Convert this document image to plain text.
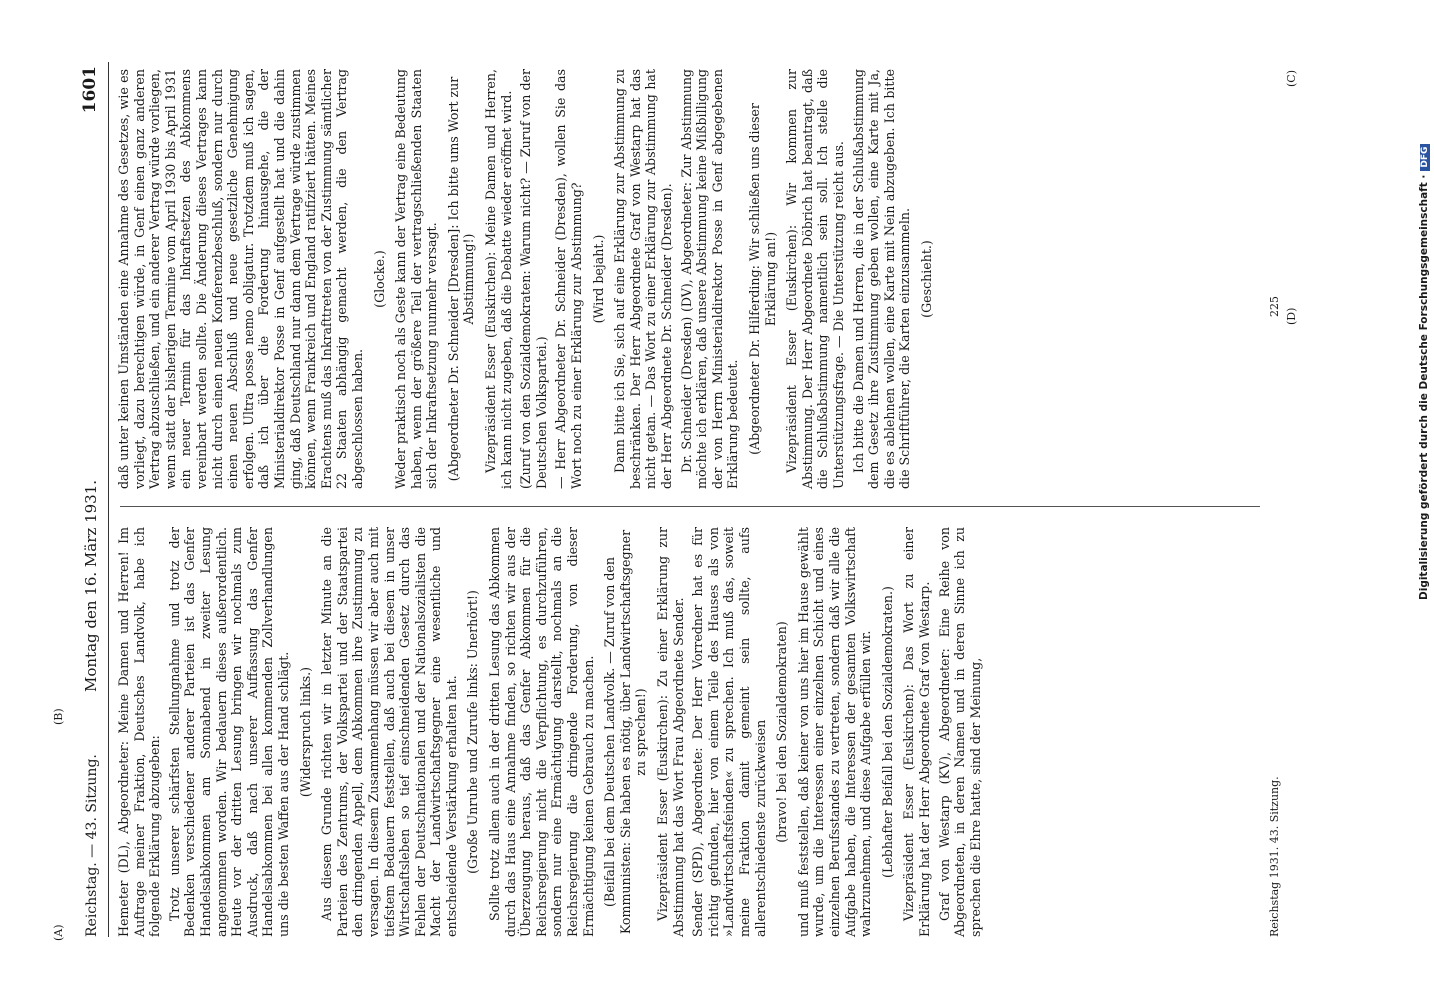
Reichstag. — 43. Sitzung.
Montag den 16. März 1931.
1601

Hemeter (DL), Abgeordneter: Meine Damen und Herren! Im Auftrage meiner Fraktion, Deutsches Landvolk, habe ich folgende Erklärung abzugeben: Trotz unserer schärfsten Stellungnahme und trotz der Bedenken verschiedener anderer Parteien ist das Genfer Handelsabkommen am Sonnabend in zweiter Lesung angenommen worden. Wir bedauern dieses außerordentlich. Heute vor der dritten Lesung bringen wir nochmals zum Ausdruck, daß nach unserer Auffassung das Genfer Handelsabkommen bei allen kommenden Zollverhandlungen uns die besten Waffen aus der Hand schlägt. (Widerspruch links.) Aus diesem Grunde richten wir in letzter Minute an die Parteien des Zentrums, der Volkspartei und der Staatspartei den dringenden Appell, dem Abkommen ihre Zustimmung zu versagen. In diesem Zusammenhang müssen wir aber auch mit tiefstem Bedauern feststellen, daß auch bei diesem in unser Wirtschaftsleben so tief einschneidenden Gesetz durch das Fehlen der Deutschnationalen und der Nationalsozialisten die Macht der Landwirtschaftsgegner eine wesentliche und entscheidende Verstärkung erhalten hat. (Große Unruhe und Zurufe links: Unerhört!) Sollte trotz allem auch in der dritten Lesung das Abkommen durch das Haus eine Annahme finden, so richten wir aus der Überzeugung heraus, daß das Genfer Abkommen für die Reichsregierung nicht die Verpflichtung, es durchzuführen, sondern nur eine Ermächtigung darstellt, nochmals an die Reichsregierung die dringende Forderung, von dieser Ermächtigung keinen Gebrauch zu machen. (Beifall bei dem Deutschen Landvolk. — Zuruf von den Kommunisten: Sie haben es nötig, über Landwirtschaftsgegner zu sprechen!) Vizepräsident Esser (Euskirchen): Zu einer Erklärung zur Abstimmung hat das Wort Frau Abgeordnete Sender. Sender (SPD), Abgeordnete: Der Herr Vorredner hat es für richtig gefunden, hier von einem Teile des Hauses als von »Landwirtschaftsfeinden« zu sprechen. Ich muß das, soweit meine Fraktion damit gemeint sein sollte, aufs allerentschiedenste zurückweisen (bravo! bei den Sozialdemokraten) und muß feststellen, daß keiner von uns hier im Hause gewählt wurde, um die Interessen einer einzelnen Schicht und eines einzelnen Berufsstandes zu vertreten, sondern daß wir alle die Aufgabe haben, die Interessen der gesamten Volkswirtschaft wahrzunehmen, und diese Aufgabe erfüllen wir. (Lebhafter Beifall bei den Sozialdemokraten.) Vizepräsident Esser (Euskirchen): Das Wort zu einer Erklärung hat der Herr Abgeordnete Graf von Westarp. Graf von Westarp (KV), Abgeordneter: Eine Reihe von Abgeordneten, in deren Namen und in deren Sinne ich zu sprechen die Ehre hatte, sind der Meinung,

daß unter keinen Umständen eine Annahme des Gesetzes, wie es vorliegt, dazu berechtigen würde, in Genf einen ganz anderen Vertrag abzuschließen, und ein anderer Vertrag würde vorliegen, wenn statt der bisherigen Termine vom April 1930 bis April 1931 ein neuer Termin für das Inkraftsetzen des Abkommens vereinbart werden sollte. Die Änderung dieses Vertrages kann nicht durch einen neuen Konferenzbeschluß, sondern nur durch einen neuen Abschluß und neue gesetzliche Genehmigung erfolgen. Ultra posse nemo obligatur. Trotzdem muß ich sagen, daß ich über die Forderung hinausgehe, die der Ministerialdirektor Posse in Genf aufgestellt hat und die dahin ging, daß Deutschland nur dann dem Vertrage würde zustimmen können, wenn Frankreich und England ratifiziert hätten. Meines Erachtens muß das Inkrafttreten von der Zustimmung sämtlicher 22 Staaten abhängig gemacht werden, die den Vertrag abgeschlossen haben.

(Glocke.) Weder praktisch noch als Geste kann der Vertrag eine Bedeutung haben, wenn der größere Teil der vertragschließenden Staaten sich der Inkraftsetzung nunmehr versagt. (Abgeordneter Dr. Schneider [Dresden]: Ich bitte ums Wort zur Abstimmung!) Vizepräsident Esser (Euskirchen): Meine Damen und Herren, ich kann nicht zugeben, daß die Debatte wieder eröffnet wird. (Zuruf von den Sozialdemokraten: Warum nicht? — Zuruf von der Deutschen Volkspartei.) — Herr Abgeordneter Dr. Schneider (Dresden), wollen Sie das Wort noch zu einer Erklärung zur Abstimmung? (Wird bejaht.) Dann bitte ich Sie, sich auf eine Erklärung zur Abstimmung zu beschränken. Der Herr Abgeordnete Graf von Westarp hat das nicht getan. — Das Wort zu einer Erklärung zur Abstimmung hat der Herr Abgeordnete Dr. Schneider (Dresden). Dr. Schneider (Dresden) (DV), Abgeordneter: Zur Abstimmung möchte ich erklären, daß unsere Abstimmung keine Mißbilligung der von Herrn Ministerialdirektor Posse in Genf abgegebenen Erklärung bedeutet. (Abgeordneter Dr. Hilferding: Wir schließen uns dieser Erklärung an!) Vizepräsident Esser (Euskirchen): Wir kommen zur Abstimmung. Der Herr Abgeordnete Döbrich hat beantragt, daß die Schlußabstimmung namentlich sein soll. Ich stelle die Unterstützungsfrage. — Die Unterstützung reicht aus. Ich bitte die Damen und Herren, die in der Schlußabstimmung dem Gesetz ihre Zustimmung geben wollen, eine Karte mit Ja, die es ablehnen wollen, eine Karte mit Nein abzugeben. Ich bitte die Schriftführer, die Karten einzusammeln. (Geschieht.)

(A)
(B)
(C)
(D)
Reichstag 1931. 43. Sitzung.
225	Digitalisierung gefördert durch die Deutsche Forschungsgemeinschaft ·DFG
